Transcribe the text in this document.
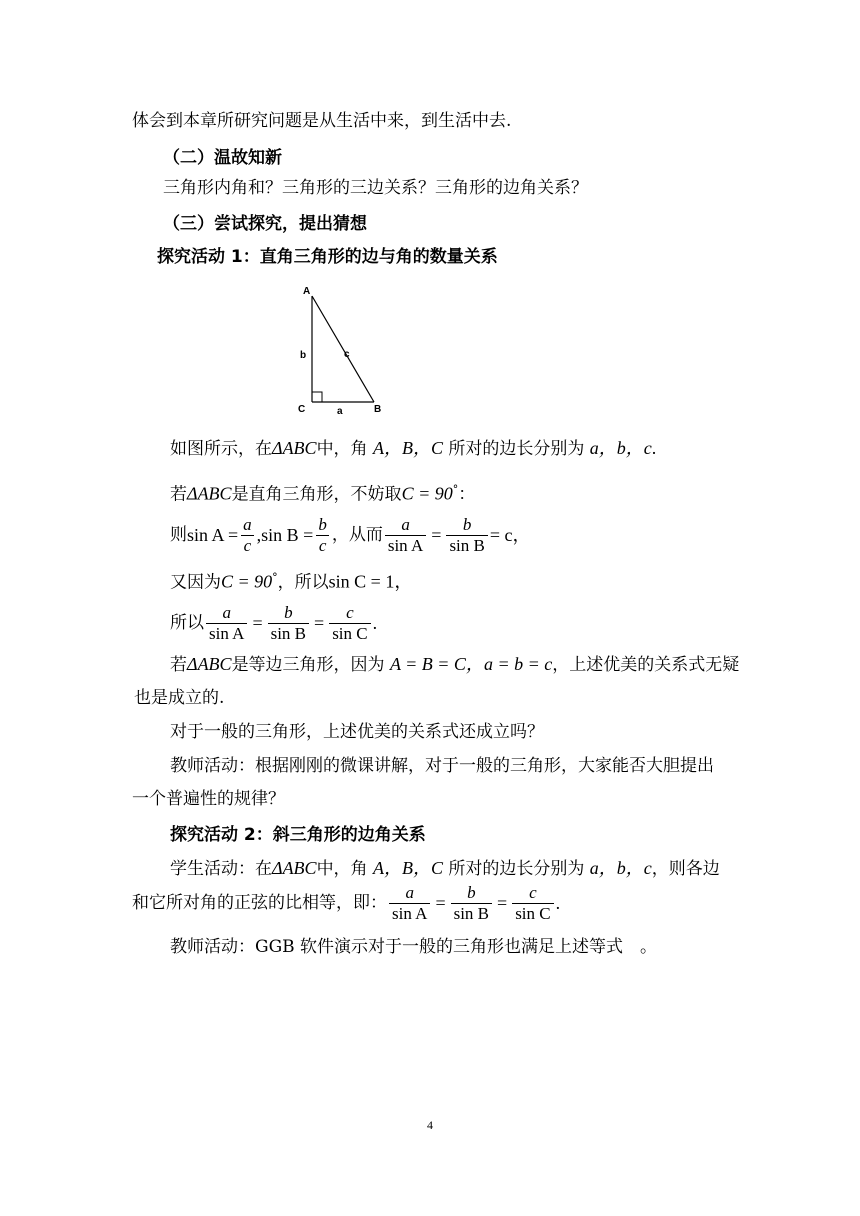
体会到本章所研究问题是从生活中来，到生活中去.
（二）温故知新
三角形内角和？三角形的三边关系？三角形的边角关系？
（三）尝试探究，提出猜想
探究活动 1：直角三角形的边与角的数量关系
A
C	B
b	c
a
如图所示，在ΔABC中，角 A，B，C 所对的边长分别为 a，b，c.
若ΔABC是直角三角形，不妨取C = 90°：
则 $\sin A = \frac{a}{c} ,\sin$ $B = \frac{b}{c}$ ，从而 $\frac{a}{\text{sin A}} = \frac{b}{\text{sin B}} = c$，
又因为C = 90°，所以sin C = 1，
所以 $\frac{a}{\text{sin A}} = \frac{b}{\text{sin B}} = \frac{c}{\text{sin C}}$ .
若ΔABC是等边三角形，因为 A = B = C，a = b = c，上述优美的关系式无疑
也是成立的.
对于一般的三角形，上述优美的关系式还成立吗？
教师活动：根据刚刚的微课讲解，对于一般的三角形，大家能否大胆提出
一个普遍性的规律？
探究活动 2：斜三角形的边角关系
学生活动：在ΔABC中，角 A，B，C 所对的边长分别为 a，b，c，则各边
和它所对角的正弦的比相等，即： $\frac{a}{\text{sin A}} = \frac{b}{\text{sin B}} = \frac{c}{\text{sin C}}$ .
教师活动：GGB 软件演示对于一般的三角形也满足上述等式　。
4
